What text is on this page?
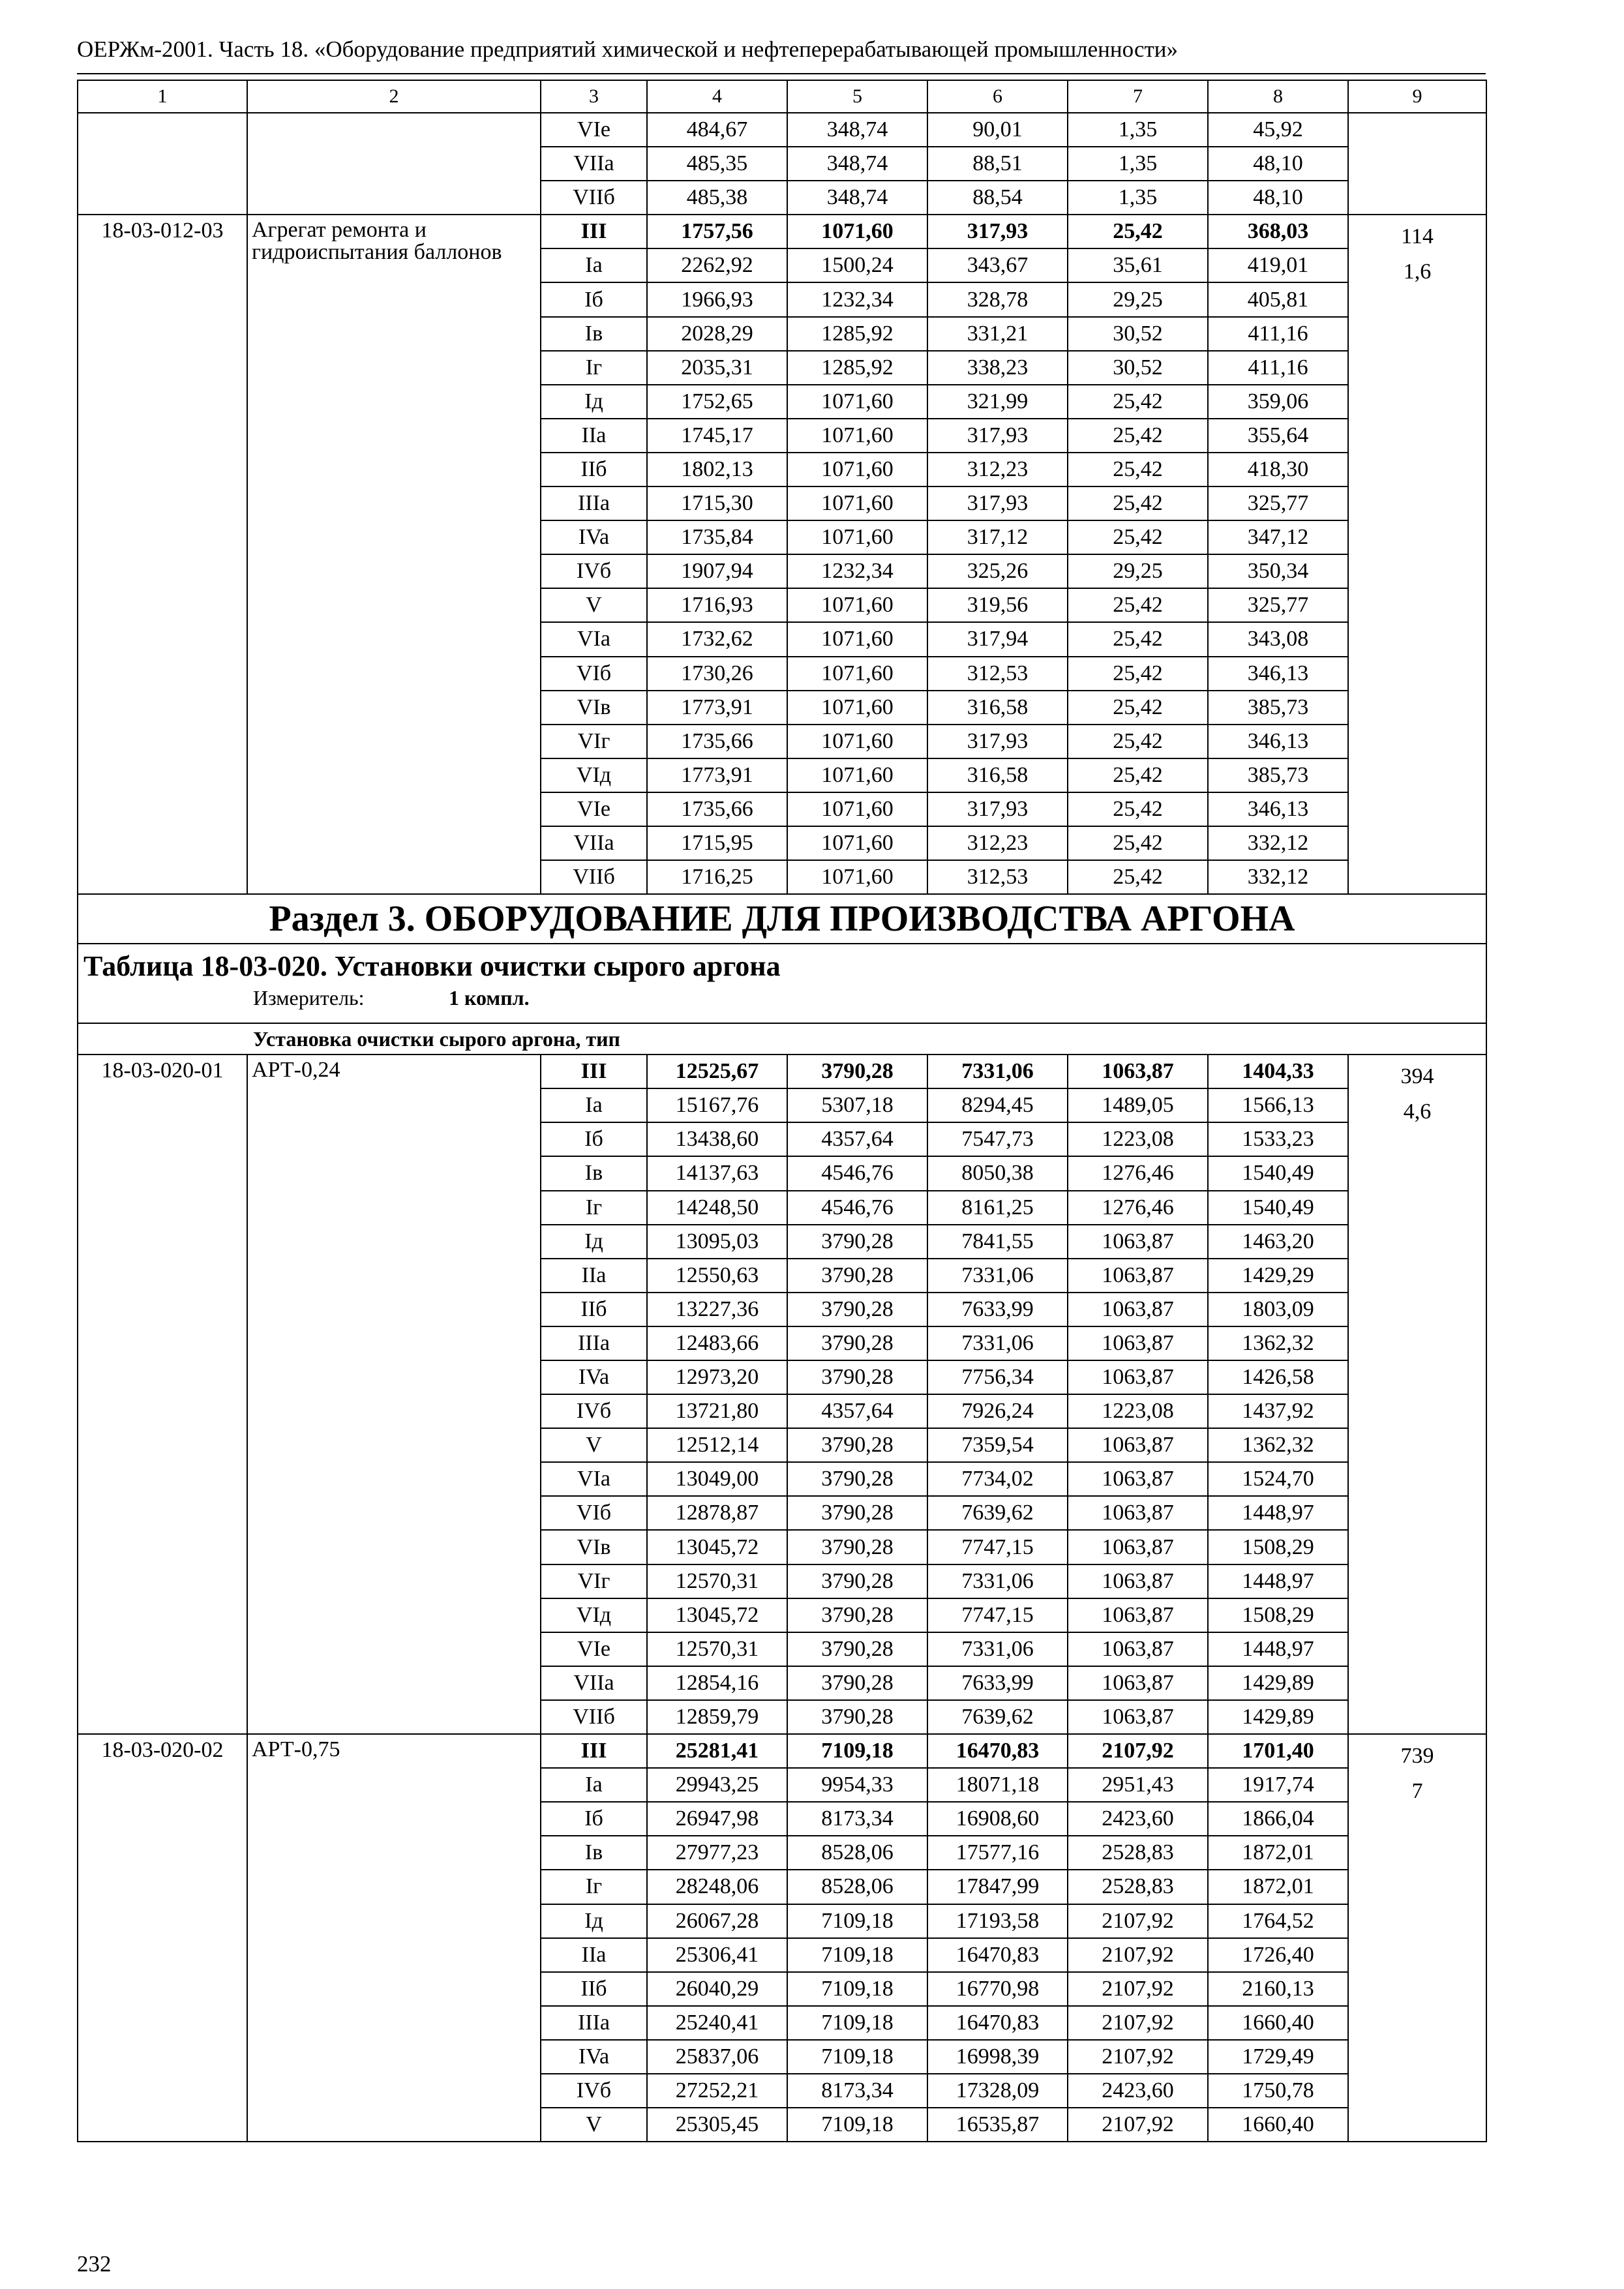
ОЕРЖм-2001. Часть 18. «Оборудование предприятий химической и нефтеперерабатывающей промышленности»
1	2	3	4	5	6	7	8	9
		VIe	484,67	348,74	90,01	1,35	45,92	
		VIIa	485,35	348,74	88,51	1,35	48,10	
		VIIб	485,38	348,74	88,54	1,35	48,10	
18-03-012-03	Агрегат ремонта и гидроиспытания баллонов	III	1757,56	1071,60	317,93	25,42	368,03	114
1,6

		Ia	2262,92	1500,24	343,67	35,61	419,01	
		Iб	1966,93	1232,34	328,78	29,25	405,81	
		Iв	2028,29	1285,92	331,21	30,52	411,16	
		Iг	2035,31	1285,92	338,23	30,52	411,16	
		Iд	1752,65	1071,60	321,99	25,42	359,06	
		IIa	1745,17	1071,60	317,93	25,42	355,64	
		IIб	1802,13	1071,60	312,23	25,42	418,30	
		IIIa	1715,30	1071,60	317,93	25,42	325,77	
		IVa	1735,84	1071,60	317,12	25,42	347,12	
		IVб	1907,94	1232,34	325,26	29,25	350,34	
		V	1716,93	1071,60	319,56	25,42	325,77	
		VIa	1732,62	1071,60	317,94	25,42	343,08	
		VIб	1730,26	1071,60	312,53	25,42	346,13	
		VIв	1773,91	1071,60	316,58	25,42	385,73	
		VIг	1735,66	1071,60	317,93	25,42	346,13	
		VIд	1773,91	1071,60	316,58	25,42	385,73	
		VIe	1735,66	1071,60	317,93	25,42	346,13	
		VIIa	1715,95	1071,60	312,23	25,42	332,12	
		VIIб	1716,25	1071,60	312,53	25,42	332,12	
Раздел 3. ОБОРУДОВАНИЕ ДЛЯ ПРОИЗВОДСТВА АРГОНА								

Таблица 18-03-020. Установки очистки сырого аргона
Измеритель: 1 компл.								

Установка очистки сырого аргона, тип								
18-03-020-01	АРТ-0,24	III	12525,67	3790,28	7331,06	1063,87	1404,33	394
4,6

		Ia	15167,76	5307,18	8294,45	1489,05	1566,13	
		Iб	13438,60	4357,64	7547,73	1223,08	1533,23	
		Iв	14137,63	4546,76	8050,38	1276,46	1540,49	
		Iг	14248,50	4546,76	8161,25	1276,46	1540,49	
		Iд	13095,03	3790,28	7841,55	1063,87	1463,20	
		IIa	12550,63	3790,28	7331,06	1063,87	1429,29	
		IIб	13227,36	3790,28	7633,99	1063,87	1803,09	
		IIIa	12483,66	3790,28	7331,06	1063,87	1362,32	
		IVa	12973,20	3790,28	7756,34	1063,87	1426,58	
		IVб	13721,80	4357,64	7926,24	1223,08	1437,92	
		V	12512,14	3790,28	7359,54	1063,87	1362,32	
		VIa	13049,00	3790,28	7734,02	1063,87	1524,70	
		VIб	12878,87	3790,28	7639,62	1063,87	1448,97	
		VIв	13045,72	3790,28	7747,15	1063,87	1508,29	
		VIг	12570,31	3790,28	7331,06	1063,87	1448,97	
		VIд	13045,72	3790,28	7747,15	1063,87	1508,29	
		VIe	12570,31	3790,28	7331,06	1063,87	1448,97	
		VIIa	12854,16	3790,28	7633,99	1063,87	1429,89	
		VIIб	12859,79	3790,28	7639,62	1063,87	1429,89	
18-03-020-02	АРТ-0,75	III	25281,41	7109,18	16470,83	2107,92	1701,40	739
7

		Ia	29943,25	9954,33	18071,18	2951,43	1917,74	
		Iб	26947,98	8173,34	16908,60	2423,60	1866,04	
		Iв	27977,23	8528,06	17577,16	2528,83	1872,01	
		Iг	28248,06	8528,06	17847,99	2528,83	1872,01	
		Iд	26067,28	7109,18	17193,58	2107,92	1764,52	
		IIa	25306,41	7109,18	16470,83	2107,92	1726,40	
		IIб	26040,29	7109,18	16770,98	2107,92	2160,13	
		IIIa	25240,41	7109,18	16470,83	2107,92	1660,40	
		IVa	25837,06	7109,18	16998,39	2107,92	1729,49	
		IVб	27252,21	8173,34	17328,09	2423,60	1750,78	
		V	25305,45	7109,18	16535,87	2107,92	1660,40	
232
